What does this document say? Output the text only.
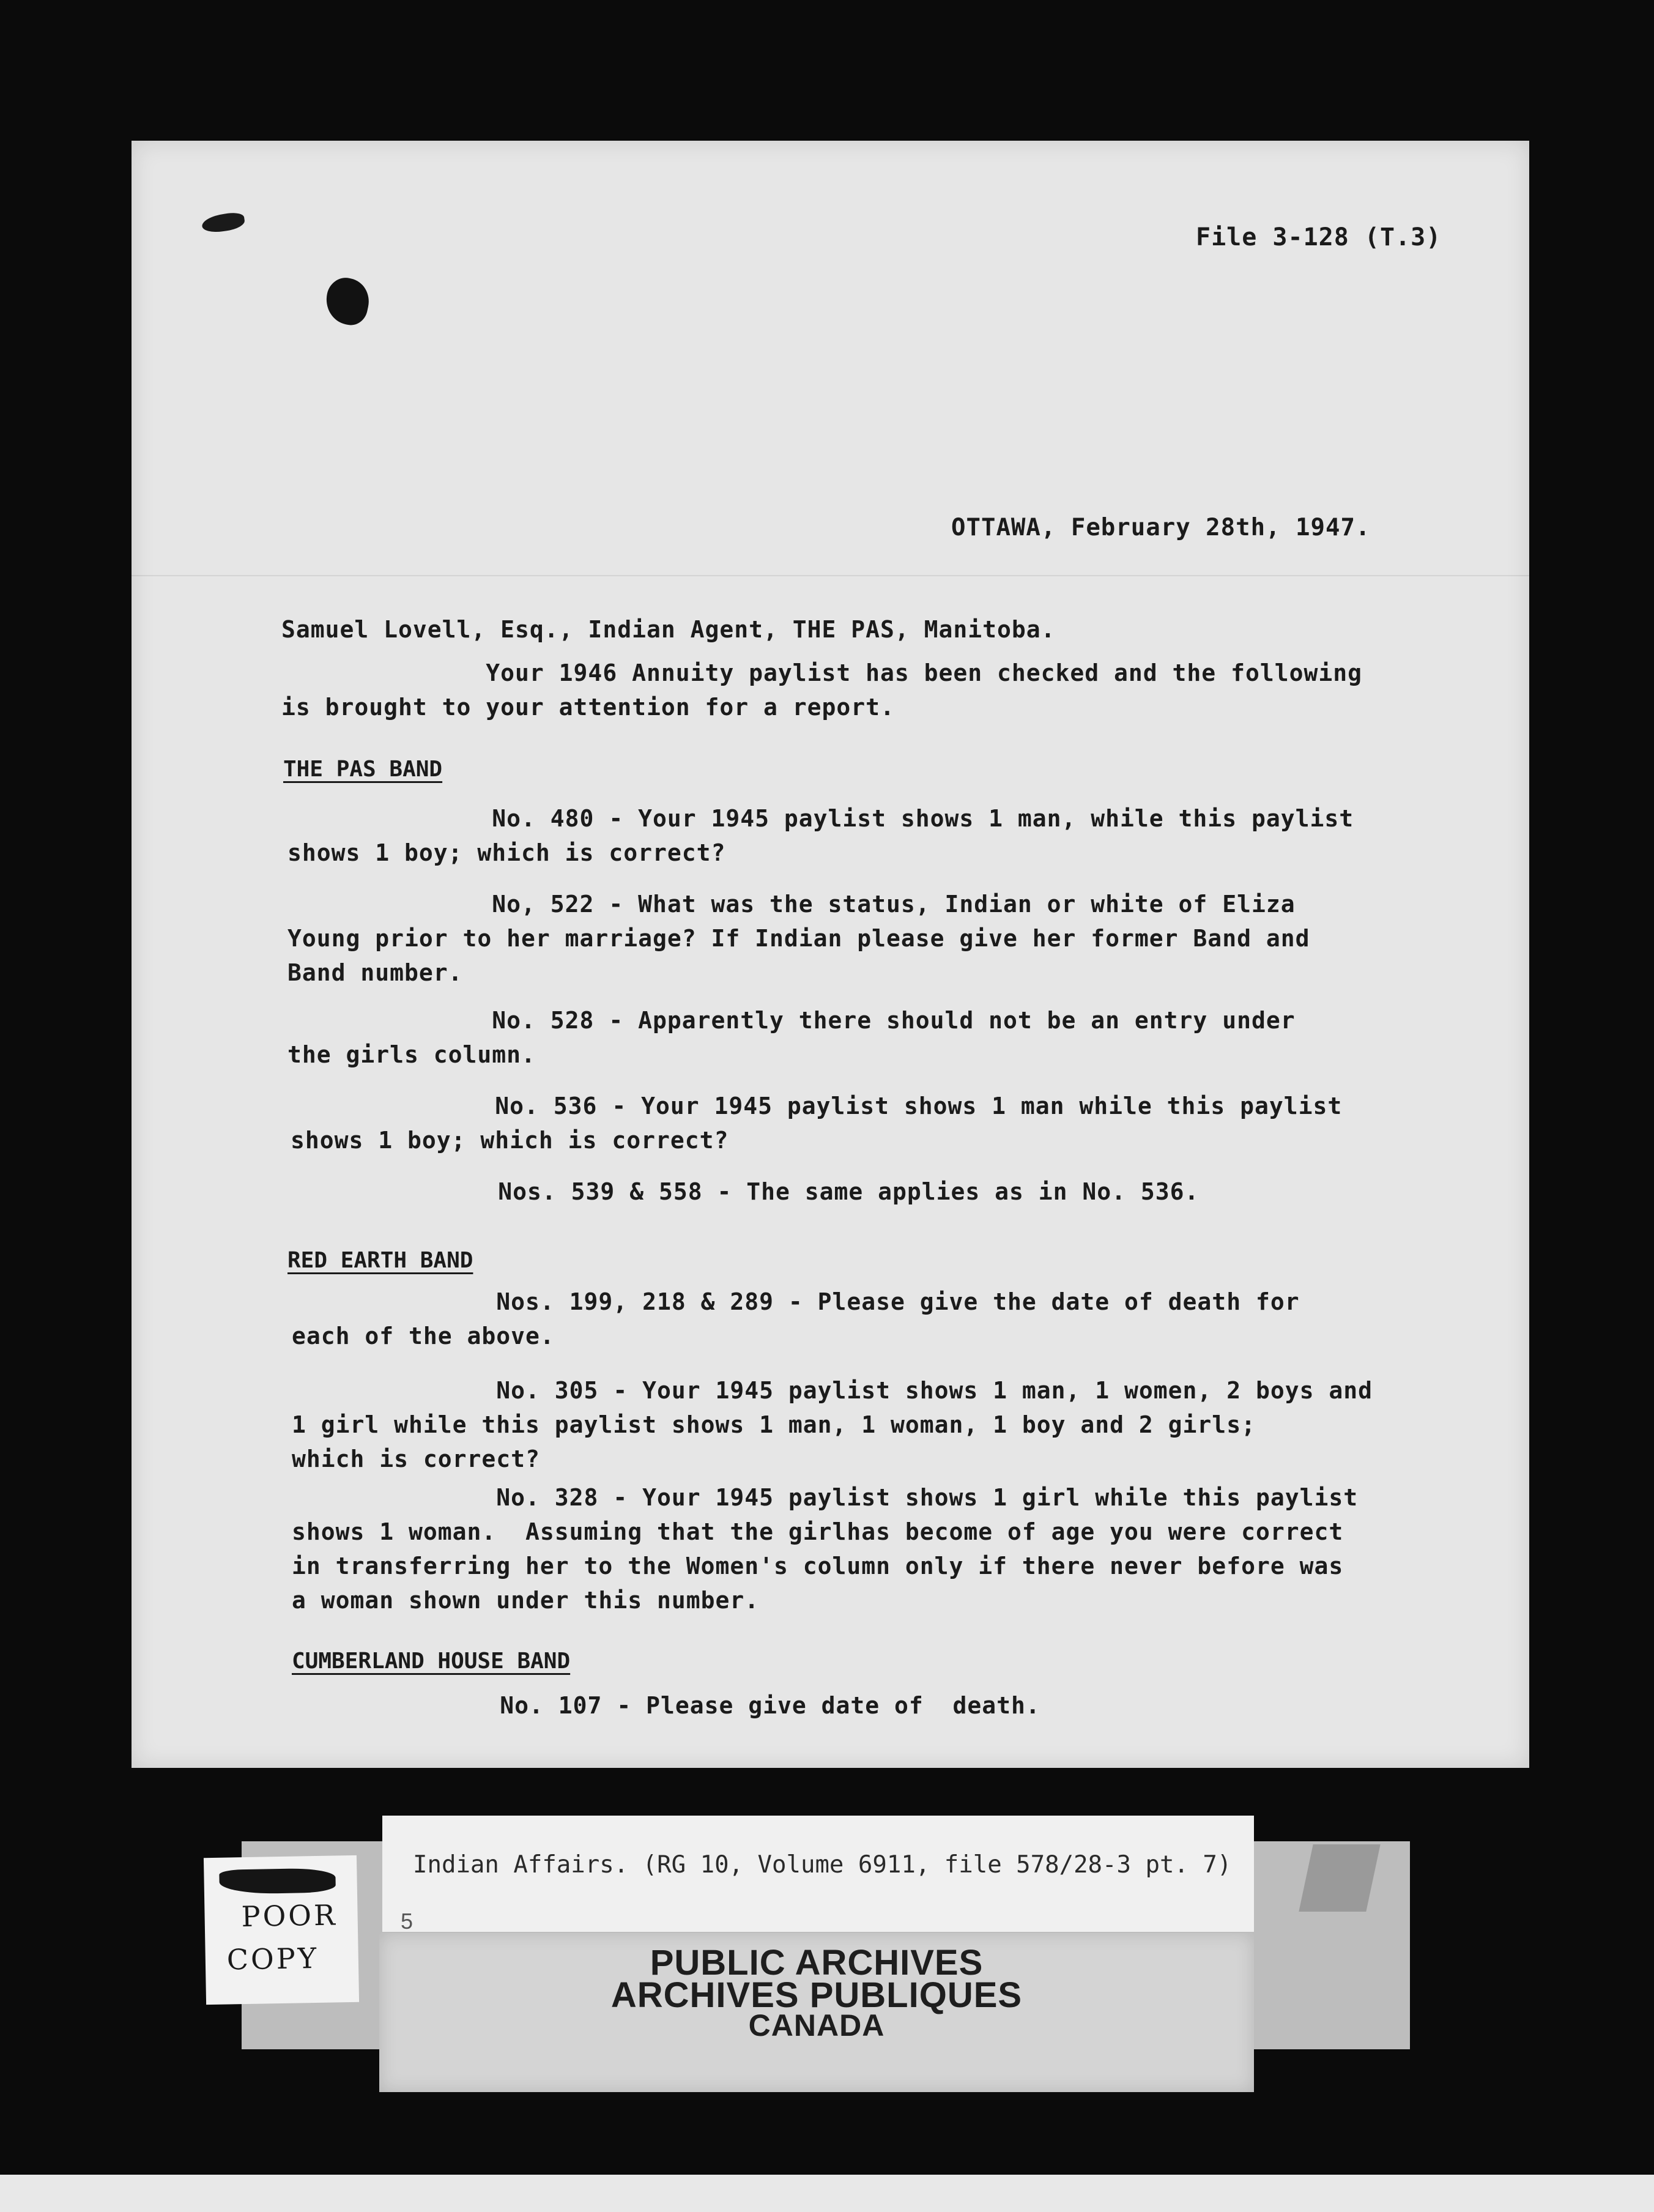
File 3-128 (T.3)
OTTAWA, February 28th, 1947.
Samuel Lovell, Esq., Indian Agent, THE PAS, Manitoba.
Your 1946 Annuity paylist has been checked and the following
is brought to your attention for a report.
THE PAS BAND
No. 480 - Your 1945 paylist shows 1 man, while this paylist
shows 1 boy; which is correct?
No, 522 - What was the status, Indian or white of Eliza
Young prior to her marriage? If Indian please give her former Band and
Band number.
No. 528 - Apparently there should not be an entry under
the girls column.
No. 536 - Your 1945 paylist shows 1 man while this paylist
shows 1 boy; which is correct?
Nos. 539 & 558 - The same applies as in No. 536.
RED EARTH BAND
Nos. 199, 218 & 289 - Please give the date of death for
each of the above.
No. 305 - Your 1945 paylist shows 1 man, 1 women, 2 boys and
1 girl while this paylist shows 1 man, 1 woman, 1 boy and 2 girls;
which is correct?
No. 328 - Your 1945 paylist shows 1 girl while this paylist
shows 1 woman.  Assuming that the girlhas become of age you were correct
in transferring her to the Women's column only if there never before was
a woman shown under this number.
CUMBERLAND HOUSE BAND
No. 107 - Please give date of  death.
Indian Affairs. (RG 10, Volume 6911, file 578/28-3 pt. 7)
5
PUBLIC ARCHIVES
ARCHIVES PUBLIQUES
CANADA
POOR
COPY
